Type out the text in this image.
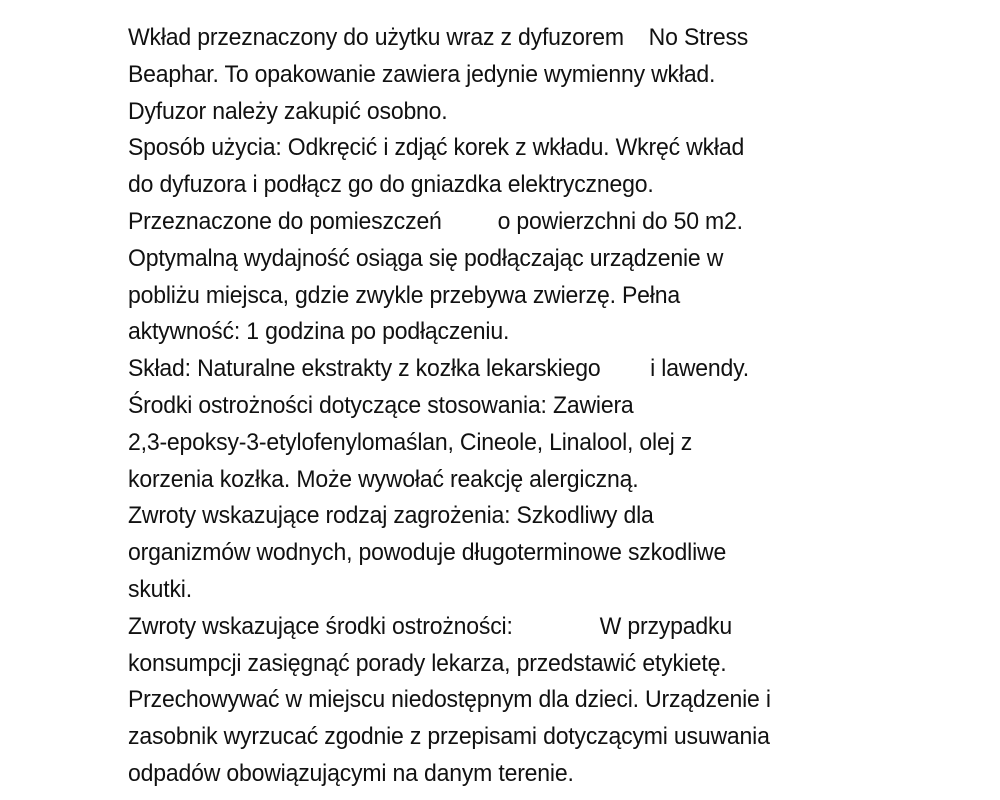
Wkład przeznaczony do użytku wraz z dyfuzorem    No Stress
Beaphar. To opakowanie zawiera jedynie wymienny wkład.
Dyfuzor należy zakupić osobno.
Sposób użycia: Odkręcić i zdjąć korek z wkładu. Wkręć wkład
do dyfuzora i podłącz go do gniazdka elektrycznego.
Przeznaczone do pomieszczeń         o powierzchni do 50 m2.
Optymalną wydajność osiąga się podłączając urządzenie w
pobliżu miejsca, gdzie zwykle przebywa zwierzę. Pełna
aktywność: 1 godzina po podłączeniu.
Skład: Naturalne ekstrakty z kozłka lekarskiego        i lawendy.
Środki ostrożności dotyczące stosowania: Zawiera
2,3-epoksy-3-etylofenylomaślan, Cineole, Linalool, olej z
korzenia kozłka. Może wywołać reakcję alergiczną.
Zwroty wskazujące rodzaj zagrożenia: Szkodliwy dla
organizmów wodnych, powoduje długoterminowe szkodliwe
skutki.
Zwroty wskazujące środki ostrożności:              W przypadku
konsumpcji zasięgnąć porady lekarza, przedstawić etykietę.
Przechowywać w miejscu niedostępnym dla dzieci. Urządzenie i
zasobnik wyrzucać zgodnie z przepisami dotyczącymi usuwania
odpadów obowiązującymi na danym terenie.
